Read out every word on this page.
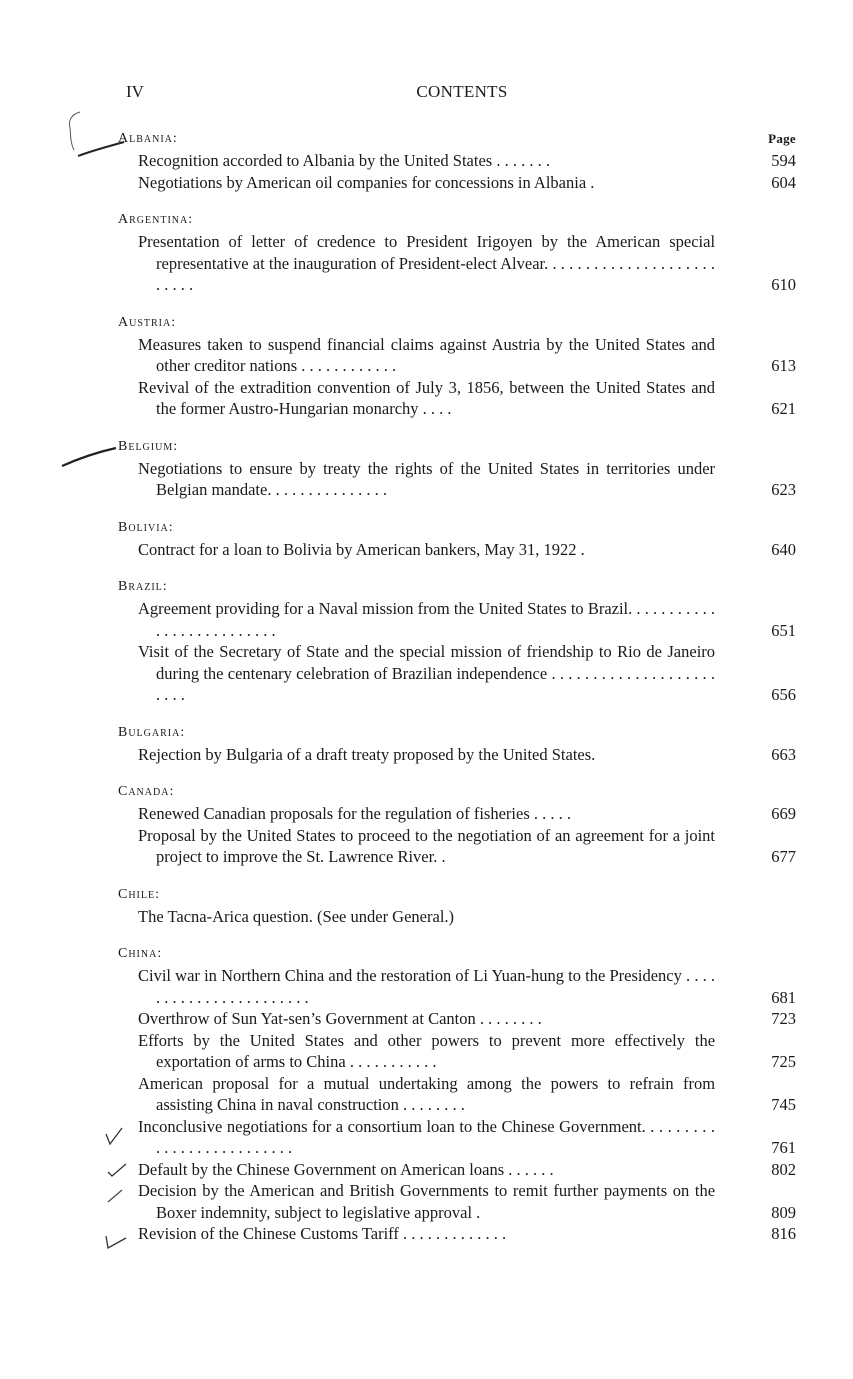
IV	CONTENTS
Page
Albania:
Recognition accorded to Albania by the United States . . . . . . .	594
Negotiations by American oil companies for concessions in Albania .	604
Argentina:
Presentation of letter of credence to President Irigoyen by the American special representative at the inauguration of President-elect Alvear. . . . . . . . . . . . . . . . . . . . . . . . . .	610
Austria:
Measures taken to suspend financial claims against Austria by the United States and other creditor nations . . . . . . . . . . . .	613
Revival of the extradition convention of July 3, 1856, between the United States and the former Austro-Hungarian monarchy . . . .	621
Belgium:
Negotiations to ensure by treaty the rights of the United States in territories under Belgian mandate. . . . . . . . . . . . . . .	623
Bolivia:
Contract for a loan to Bolivia by American bankers, May 31, 1922 .	640
Brazil:
Agreement providing for a Naval mission from the United States to Brazil. . . . . . . . . . . . . . . . . . . . . . . . . .	651
Visit of the Secretary of State and the special mission of friendship to Rio de Janeiro during the centenary celebration of Brazilian independence . . . . . . . . . . . . . . . . . . . . . . . .	656
Bulgaria:
Rejection by Bulgaria of a draft treaty proposed by the United States.	663
Canada:
Renewed Canadian proposals for the regulation of fisheries . . . . .	669
Proposal by the United States to proceed to the negotiation of an agreement for a joint project to improve the St. Lawrence River. .	677
Chile:
The Tacna-Arica question. (See under General.)
China:
Civil war in Northern China and the restoration of Li Yuan-hung to the Presidency . . . . . . . . . . . . . . . . . . . . . . .	681
Overthrow of Sun Yat-sen’s Government at Canton . . . . . . . .	723
Efforts by the United States and other powers to prevent more effectively the exportation of arms to China . . . . . . . . . . .	725
American proposal for a mutual undertaking among the powers to refrain from assisting China in naval construction . . . . . . . .	745
Inconclusive negotiations for a consortium loan to the Chinese Government. . . . . . . . . . . . . . . . . . . . . . . . . .	761
Default by the Chinese Government on American loans . . . . . .	802
Decision by the American and British Governments to remit further payments on the Boxer indemnity, subject to legislative approval .	809
Revision of the Chinese Customs Tariff . . . . . . . . . . . . .	816
